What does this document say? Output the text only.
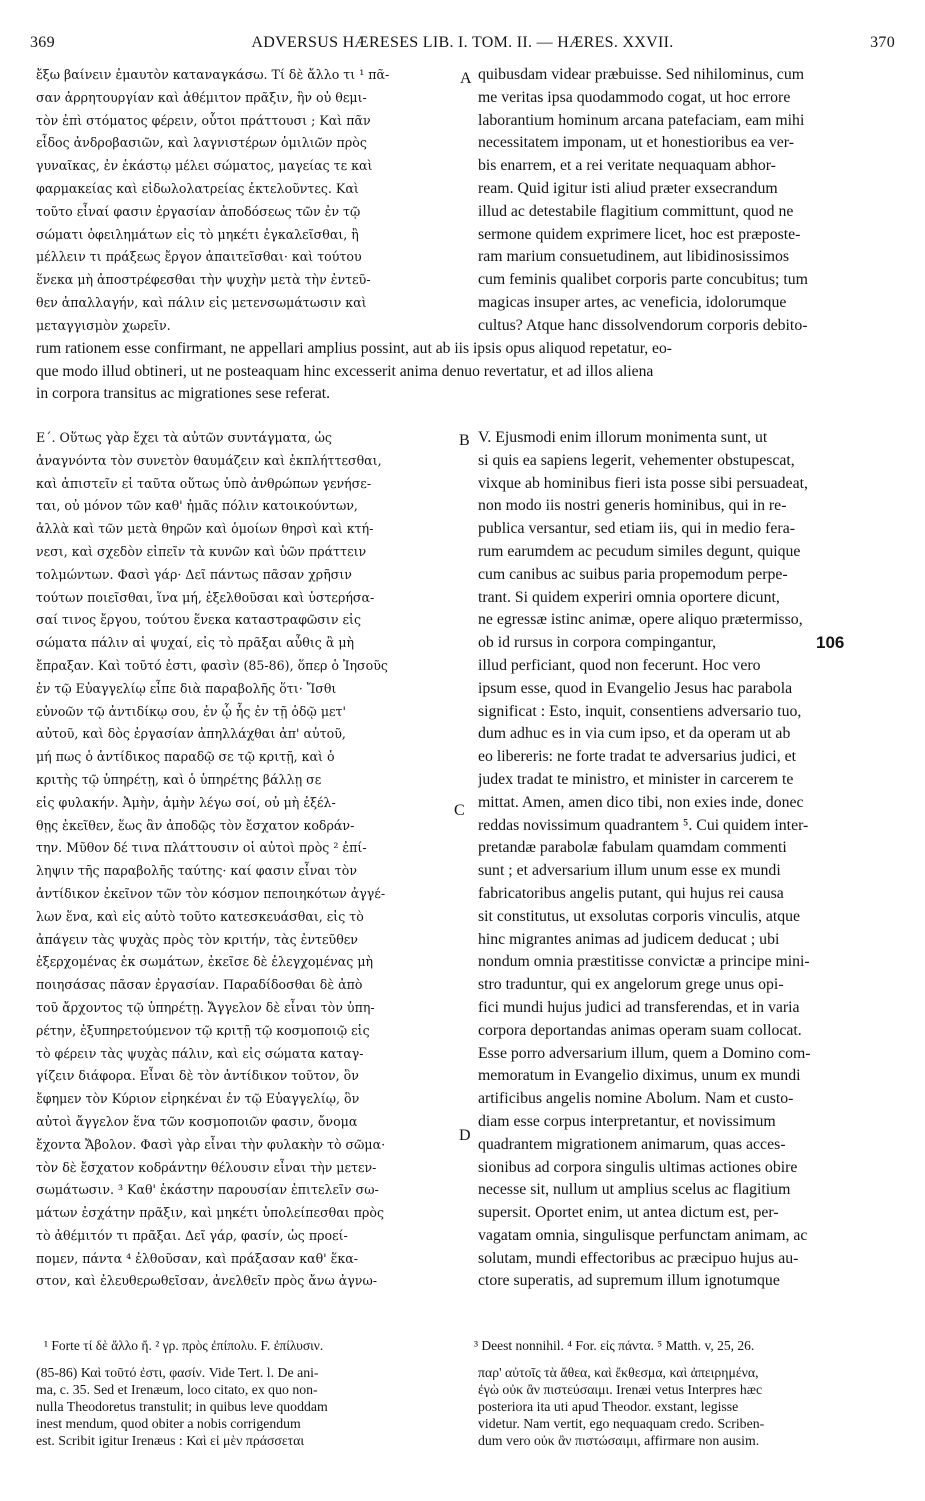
369	ADVERSUS HÆRESES LIB. I. TOM. II. — HÆRES. XXVII.	370
A
B
C
D
ἔξω βαίνειν ἐμαυτὸν καταναγκάσω. Τί δὲ ἄλλο τι ¹ πᾶ-
σαν ἀρρητουργίαν καὶ ἀθέμιτον πρᾶξιν, ἣν οὐ θεμι-
τὸν ἐπὶ στόματος φέρειν, οὗτοι πράττουσι ; Καὶ πᾶν
εἶδος ἀνδροβασιῶν, καὶ λαγνιστέρων ὁμιλιῶν πρὸς
γυναῖκας, ἐν ἑκάστῳ μέλει σώματος, μαγείας τε καὶ
φαρμακείας καὶ εἰδωλολατρείας ἐκτελοῦντες. Καὶ
τοῦτο εἶναί φασιν ἐργασίαν ἀποδόσεως τῶν ἐν τῷ
σώματι ὀφειλημάτων εἰς τὸ μηκέτι ἐγκαλεῖσθαι, ἢ
μέλλειν τι πράξεως ἔργον ἀπαιτεῖσθαι· καὶ τούτου
ἕνεκα μὴ ἀποστρέφεσθαι τὴν ψυχὴν μετὰ τὴν ἐντεῦ-
θεν ἀπαλλαγήν, καὶ πάλιν εἰς μετενσωμάτωσιν καὶ
μεταγγισμὸν χωρεῖν.
quibusdam videar præbuisse. Sed nihilominus, cum
me veritas ipsa quodammodo cogat, ut hoc errore
laborantium hominum arcana patefaciam, eam mihi
necessitatem imponam, ut et honestioribus ea ver-
bis enarrem, et a rei veritate nequaquam abhor-
ream. Quid igitur isti aliud præter exsecrandum
illud ac detestabile flagitium committunt, quod ne
sermone quidem exprimere licet, hoc est præposte-
ram marium consuetudinem, aut libidinosissimos
cum feminis qualibet corporis parte concubitus; tum
magicas insuper artes, ac veneficia, idolorumque
cultus? Atque hanc dissolvendorum corporis debito-
rum rationem esse confirmant, ne appellari amplius possint, aut ab iis ipsis opus aliquod repetatur, eo-
que modo illud obtineri, ut ne posteaquam hinc excesserit anima denuo revertatur, et ad illos aliena
in corpora transitus ac migrationes sese referat.
Ε΄. Οὕτως γὰρ ἔχει τὰ αὐτῶν συντάγματα, ὡς
ἀναγνόντα τὸν συνετὸν θαυμάζειν καὶ ἐκπλήττεσθαι,
καὶ ἀπιστεῖν εἰ ταῦτα οὕτως ὑπὸ ἀνθρώπων γενήσε-
ται, οὐ μόνον τῶν καθ' ἡμᾶς πόλιν κατοικούντων,
ἀλλὰ καὶ τῶν μετὰ θηρῶν καὶ ὁμοίων θηρσὶ καὶ κτή-
νεσι, καὶ σχεδὸν εἰπεῖν τὰ κυνῶν καὶ ὑῶν πράττειν
τολμώντων. Φασὶ γάρ· Δεῖ πάντως πᾶσαν χρῆσιν
τούτων ποιεῖσθαι, ἵνα μή, ἐξελθοῦσαι καὶ ὑστερήσα-
σαί τινος ἔργου, τούτου ἕνεκα καταστραφῶσιν εἰς
σώματα πάλιν αἱ ψυχαί, εἰς τὸ πρᾶξαι αὖθις ἃ μὴ
ἔπραξαν. Καὶ τοῦτό ἐστι, φασὶν (85-86), ὅπερ ὁ Ἰησοῦς
ἐν τῷ Εὐαγγελίῳ εἶπε διὰ παραβολῆς ὅτι· Ἴσθι
εὐνοῶν τῷ ἀντιδίκῳ σου, ἐν ᾧ ἧς ἐν τῇ ὁδῷ μετ'
αὐτοῦ, καὶ δὸς ἐργασίαν ἀπηλλάχθαι ἀπ' αὐτοῦ,
μή πως ὁ ἀντίδικος παραδῷ σε τῷ κριτῇ, καὶ ὁ
κριτὴς τῷ ὑπηρέτῃ, καὶ ὁ ὑπηρέτης βάλλῃ σε
εἰς φυλακήν. Ἀμὴν, ἀμὴν λέγω σοί, οὐ μὴ ἐξέλ-
θῃς ἐκεῖθεν, ἕως ἂν ἀποδῷς τὸν ἔσχατον κοδράν-
την. Μῦθον δέ τινα πλάττουσιν οἱ αὐτοὶ πρὸς ² ἐπί-
ληψιν τῆς παραβολῆς ταύτης· καί φασιν εἶναι τὸν
ἀντίδικον ἐκεῖνον τῶν τὸν κόσμον πεποιηκότων ἀγγέ-
λων ἕνα, καὶ εἰς αὐτὸ τοῦτο κατεσκευάσθαι, εἰς τὸ
ἀπάγειν τὰς ψυχὰς πρὸς τὸν κριτήν, τὰς ἐντεῦθεν
ἐξερχομένας ἐκ σωμάτων, ἐκεῖσε δὲ ἐλεγχομένας μὴ
ποιησάσας πᾶσαν ἐργασίαν. Παραδίδοσθαι δὲ ἀπὸ
τοῦ ἄρχοντος τῷ ὑπηρέτῃ. Ἄγγελον δὲ εἶναι τὸν ὑπη-
ρέτην, ἐξυπηρετούμενον τῷ κριτῇ τῷ κοσμοποιῷ εἰς
τὸ φέρειν τὰς ψυχὰς πάλιν, καὶ εἰς σώματα καταγ-
γίζειν διάφορα. Εἶναι δὲ τὸν ἀντίδικον τοῦτον, ὃν
ἔφημεν τὸν Κύριον εἰρηκέναι ἐν τῷ Εὐαγγελίῳ, ὃν
αὐτοὶ ἄγγελον ἕνα τῶν κοσμοποιῶν φασιν, ὄνομα
ἔχοντα Ἄβολον. Φασὶ γὰρ εἶναι τὴν φυλακὴν τὸ σῶμα·
τὸν δὲ ἔσχατον κοδράντην θέλουσιν εἶναι τὴν μετεν-
σωμάτωσιν. ³ Καθ' ἑκάστην παρουσίαν ἐπιτελεῖν σω-
μάτων ἐσχάτην πρᾶξιν, καὶ μηκέτι ὑπολείπεσθαι πρὸς
τὸ ἀθέμιτόν τι πρᾶξαι. Δεῖ γάρ, φασίν, ὡς προεί-
πομεν, πάντα ⁴ ἐλθοῦσαν, καὶ πράξασαν καθ' ἕκα-
στον, καὶ ἐλευθερωθεῖσαν, ἀνελθεῖν πρὸς ἄνω ἀγνω-
V. Ejusmodi enim illorum monimenta sunt, ut
si quis ea sapiens legerit, vehementer obstupescat,
vixque ab hominibus fieri ista posse sibi persuadeat,
non modo iis nostri generis hominibus, qui in re-
publica versantur, sed etiam iis, qui in medio fera-
rum earumdem ac pecudum similes degunt, quique
cum canibus ac suibus paria propemodum perpe-
trant. Si quidem experiri omnia oportere dicunt,
ne egressæ istinc animæ, opere aliquo prætermisso,
ob id rursus in corpora compingantur,
illud perficiant, quod non fecerunt. Hoc vero
ipsum esse, quod in Evangelio Jesus hac parabola
significat : Esto, inquit, consentiens adversario tuo,
dum adhuc es in via cum ipso, et da operam ut ab
eo libereris: ne forte tradat te adversarius judici, et
judex tradat te ministro, et minister in carcerem te
mittat. Amen, amen dico tibi, non exies inde, donec
reddas novissimum quadrantem ⁵. Cui quidem inter-
pretandæ parabolæ fabulam quamdam commenti
sunt ; et adversarium illum unum esse ex mundi
fabricatoribus angelis putant, qui hujus rei causa
sit constitutus, ut exsolutas corporis vinculis, atque
hinc migrantes animas ad judicem deducat ; ubi
nondum omnia præstitisse convictæ a principe mini-
stro traduntur, qui ex angelorum grege unus opi-
fici mundi hujus judici ad transferendas, et in varia
corpora deportandas animas operam suam collocat.
Esse porro adversarium illum, quem a Domino com-
memoratum in Evangelio diximus, unum ex mundi
artificibus angelis nomine Abolum. Nam et custo-
diam esse corpus interpretantur, et novissimum
quadrantem migrationem animarum, quas acces-
sionibus ad corpora singulis ultimas actiones obire
necesse sit, nullum ut amplius scelus ac flagitium
supersit. Oportet enim, ut antea dictum est, per-
vagatam omnia, singulisque perfunctam animam, ac
solutam, mundi effectoribus ac præcipuo hujus au-
ctore superatis, ad supremum illum ignotumque
106
¹ Forte τί δὲ ἄλλο ἤ. ² γρ. πρὸς ἐπίπολυ. F. ἐπίλυσιν.	³ Deest nonnihil. ⁴ For. εἰς πάντα. ⁵ Matth. v, 25, 26.
(85-86) Καὶ τοῦτό ἐστι, φασίν. Vide Tert. l. De ani-
ma, c. 35. Sed et Irenæum, loco citato, ex quo non-
nulla Theodoretus transtulit; in quibus leve quoddam
inest mendum, quod obiter a nobis corrigendum
est. Scribit igitur Irenæus : Καὶ εἰ μὲν πράσσεται
παρ' αὐτοῖς τὰ ἄθεα, καὶ ἔκθεσμα, καὶ ἀπειρημένα,
ἐγὼ οὐκ ἂν πιστεύσαιμι. Irenæi vetus Interpres hæc
posteriora ita uti apud Theodor. exstant, legisse
videtur. Nam vertit, ego nequaquam credo. Scriben-
dum vero οὐκ ἂν πιστώσαιμι, affirmare non ausim.
